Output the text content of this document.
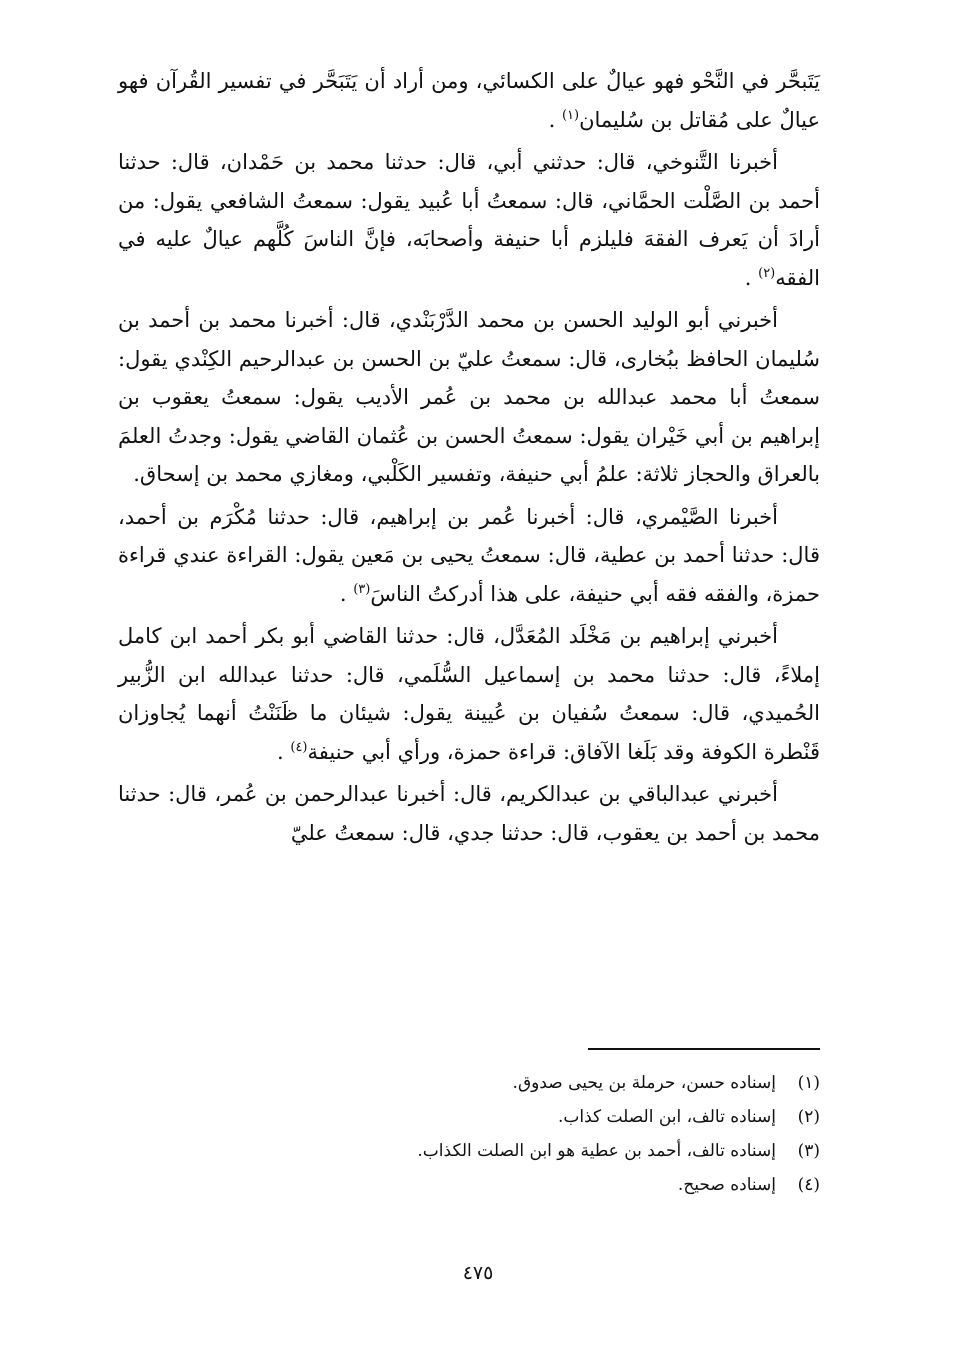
يَتَبحَّر في النَّحْو فهو عيالٌ على الكسائي، ومن أراد أن يَتَبَحَّر في تفسير القُرآن فهو عيالٌ على مُقاتل بن سُليمان$^{(١)}$ .

أخبرنا التَّنوخي، قال: حدثني أبي، قال: حدثنا محمد بن حَمْدان، قال: حدثنا أحمد بن الصَّلْت الحمَّاني، قال: سمعتُ أبا عُبيد يقول: سمعتُ الشافعي يقول: من أرادَ أن يَعرف الفقهَ فليلزم أبا حنيفة وأصحابَه، فإنَّ الناسَ كُلَّهم عيالٌ عليه في الفقه$^{(٢)}$ .

أخبرني أبو الوليد الحسن بن محمد الدَّرْبَنْدي، قال: أخبرنا محمد بن أحمد بن سُليمان الحافظ ببُخارى، قال: سمعتُ عليّ بن الحسن بن عبدالرحيم الكِنْدي يقول: سمعتُ أبا محمد عبدالله بن محمد بن عُمر الأديب يقول: سمعتُ يعقوب بن إبراهيم بن أبي خَيْران يقول: سمعتُ الحسن بن عُثمان القاضي يقول: وجدتُ العلمَ بالعراق والحجاز ثلاثة: علمُ أبي حنيفة، وتفسير الكَلْبي، ومغازي محمد بن إسحاق.

أخبرنا الصَّيْمري، قال: أخبرنا عُمر بن إبراهيم، قال: حدثنا مُكْرَم بن أحمد، قال: حدثنا أحمد بن عطية، قال: سمعتُ يحيى بن مَعين يقول: القراءة عندي قراءة حمزة، والفقه فقه أبي حنيفة، على هذا أدركتُ الناسَ$^{(٣)}$ .

أخبرني إبراهيم بن مَخْلَد المُعَدَّل، قال: حدثنا القاضي أبو بكر أحمد ابن كامل إملاءً، قال: حدثنا محمد بن إسماعيل السُّلَمي، قال: حدثنا عبدالله ابن الزُّبير الحُميدي، قال: سمعتُ سُفيان بن عُيينة يقول: شيئان ما ظَنَنْتُ أنهما يُجاوزان قَنْطرة الكوفة وقد بَلَغا الآفاق: قراءة حمزة، ورأي أبي حنيفة$^{(٤)}$ .

أخبرني عبدالباقي بن عبدالكريم، قال: أخبرنا عبدالرحمن بن عُمر، قال: حدثنا محمد بن أحمد بن يعقوب، قال: حدثنا جدي، قال: سمعتُ عليّ

(١)إسناده حسن، حرملة بن يحيى صدوق.
(٢)إسناده تالف، ابن الصلت كذاب.
(٣)إسناده تالف، أحمد بن عطية هو ابن الصلت الكذاب.
(٤)إسناده صحيح.
٤٧٥
